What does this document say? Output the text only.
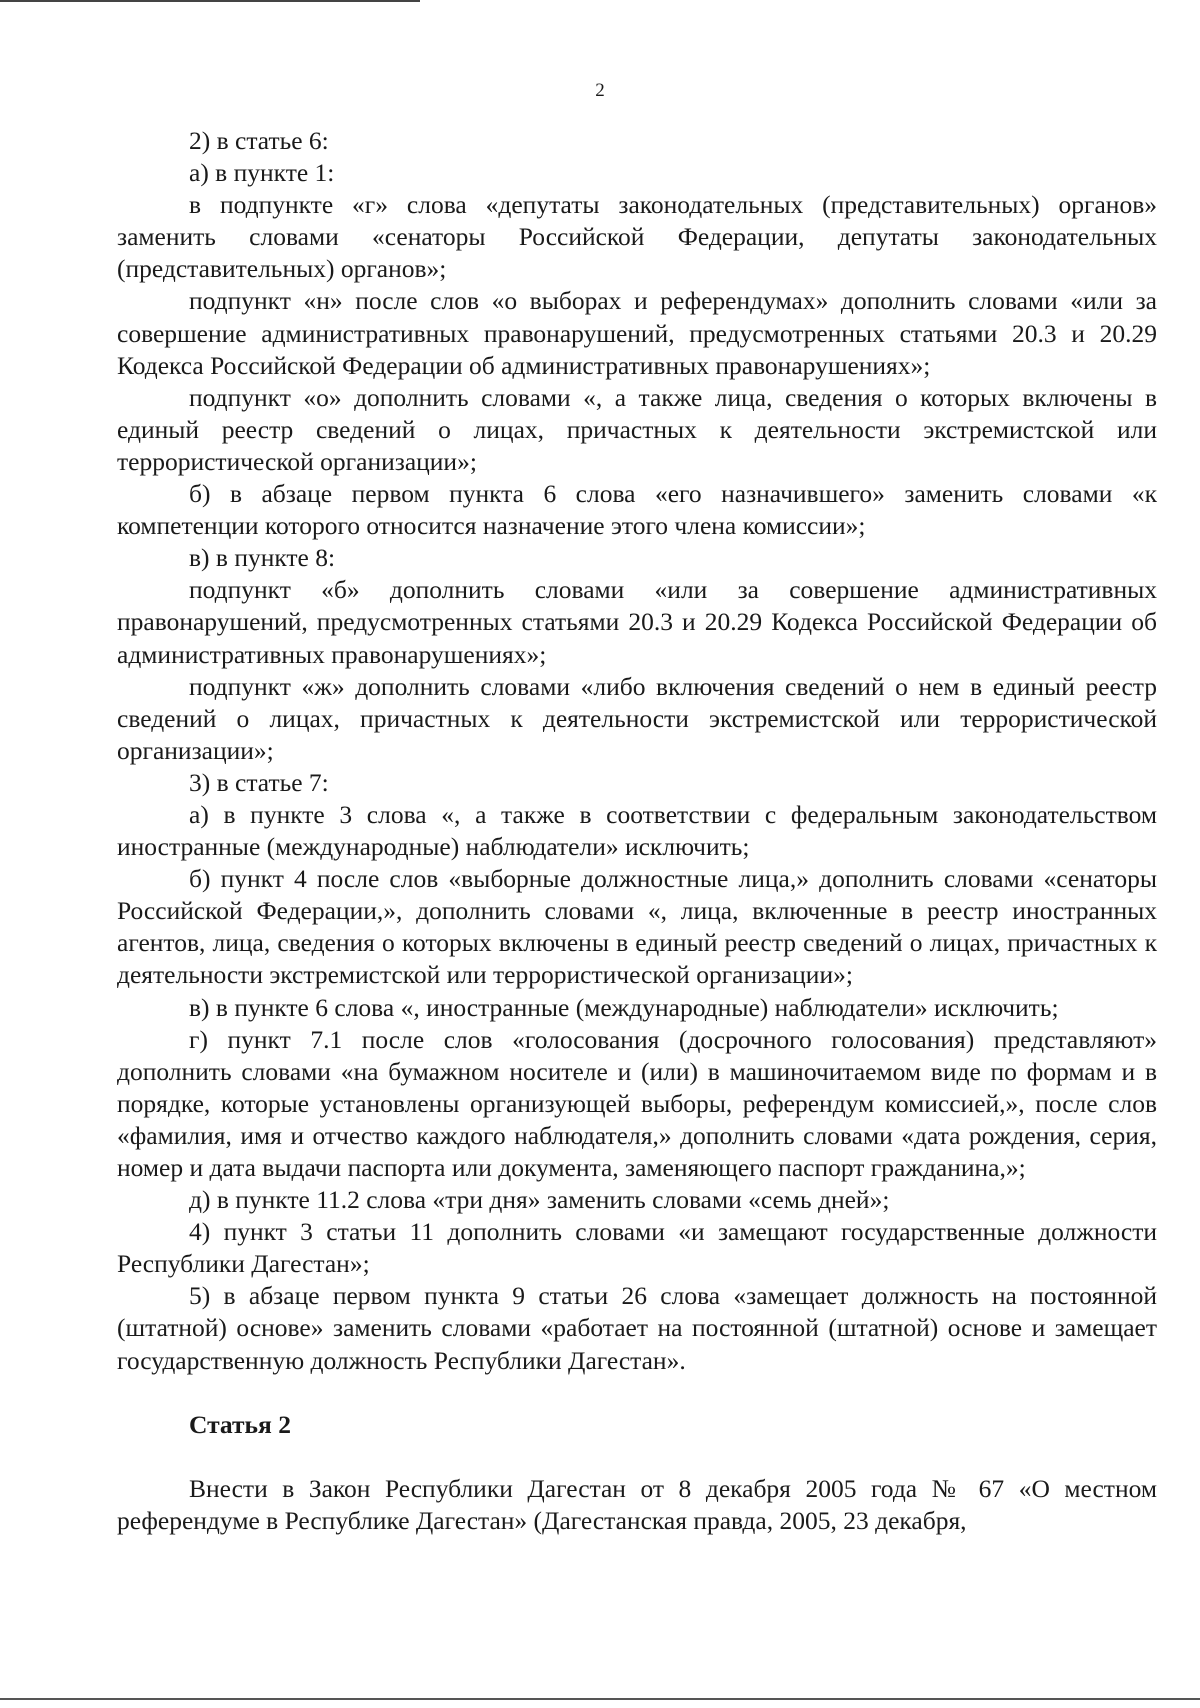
2

2) в статье 6:

а) в пункте 1:

в подпункте «г» слова «депутаты законодательных (представительных) органов» заменить словами «сенаторы Российской Федерации, депутаты законодательных (представительных) органов»;

подпункт «н» после слов «о выборах и референдумах» дополнить словами «или за совершение административных правонарушений, предусмотренных статьями 20.3 и 20.29 Кодекса Российской Федерации об административных правонарушениях»;

подпункт «о» дополнить словами «, а также лица, сведения о которых включены в единый реестр сведений о лицах, причастных к деятельности экстремистской или террористической организации»;

б) в абзаце первом пункта 6 слова «его назначившего» заменить словами «к компетенции которого относится назначение этого члена комиссии»;

в) в пункте 8:

подпункт «б» дополнить словами «или за совершение административных правонарушений, предусмотренных статьями 20.3 и 20.29 Кодекса Российской Федерации об административных правонарушениях»;

подпункт «ж» дополнить словами «либо включения сведений о нем в единый реестр сведений о лицах, причастных к деятельности экстремистской или террористической организации»;

3) в статье 7:

а) в пункте 3 слова «, а также в соответствии с федеральным законодательством иностранные (международные) наблюдатели» исключить;

б) пункт 4 после слов «выборные должностные лица,» дополнить словами «сенаторы Российской Федерации,», дополнить словами «, лица, включенные в реестр иностранных агентов, лица, сведения о которых включены в единый реестр сведений о лицах, причастных к деятельности экстремистской или террористической организации»;

в) в пункте 6 слова «, иностранные (международные) наблюдатели» исключить;

г) пункт 7.1 после слов «голосования (досрочного голосования) представляют» дополнить словами «на бумажном носителе и (или) в машиночитаемом виде по формам и в порядке, которые установлены организующей выборы, референдум комиссией,», после слов «фамилия, имя и отчество каждого наблюдателя,» дополнить словами «дата рождения, серия, номер и дата выдачи паспорта или документа, заменяющего паспорт гражданина,»;

д) в пункте 11.2 слова «три дня» заменить словами «семь дней»;

4) пункт 3 статьи 11 дополнить словами «и замещают государственные должности Республики Дагестан»;

5) в абзаце первом пункта 9 статьи 26 слова «замещает должность на постоянной (штатной) основе» заменить словами «работает на постоянной (штатной) основе и замещает государственную должность Республики Дагестан».

Статья 2

Внести в Закон Республики Дагестан от 8 декабря 2005 года № 67 «О местном референдуме в Республике Дагестан» (Дагестанская правда, 2005, 23 декабря,
